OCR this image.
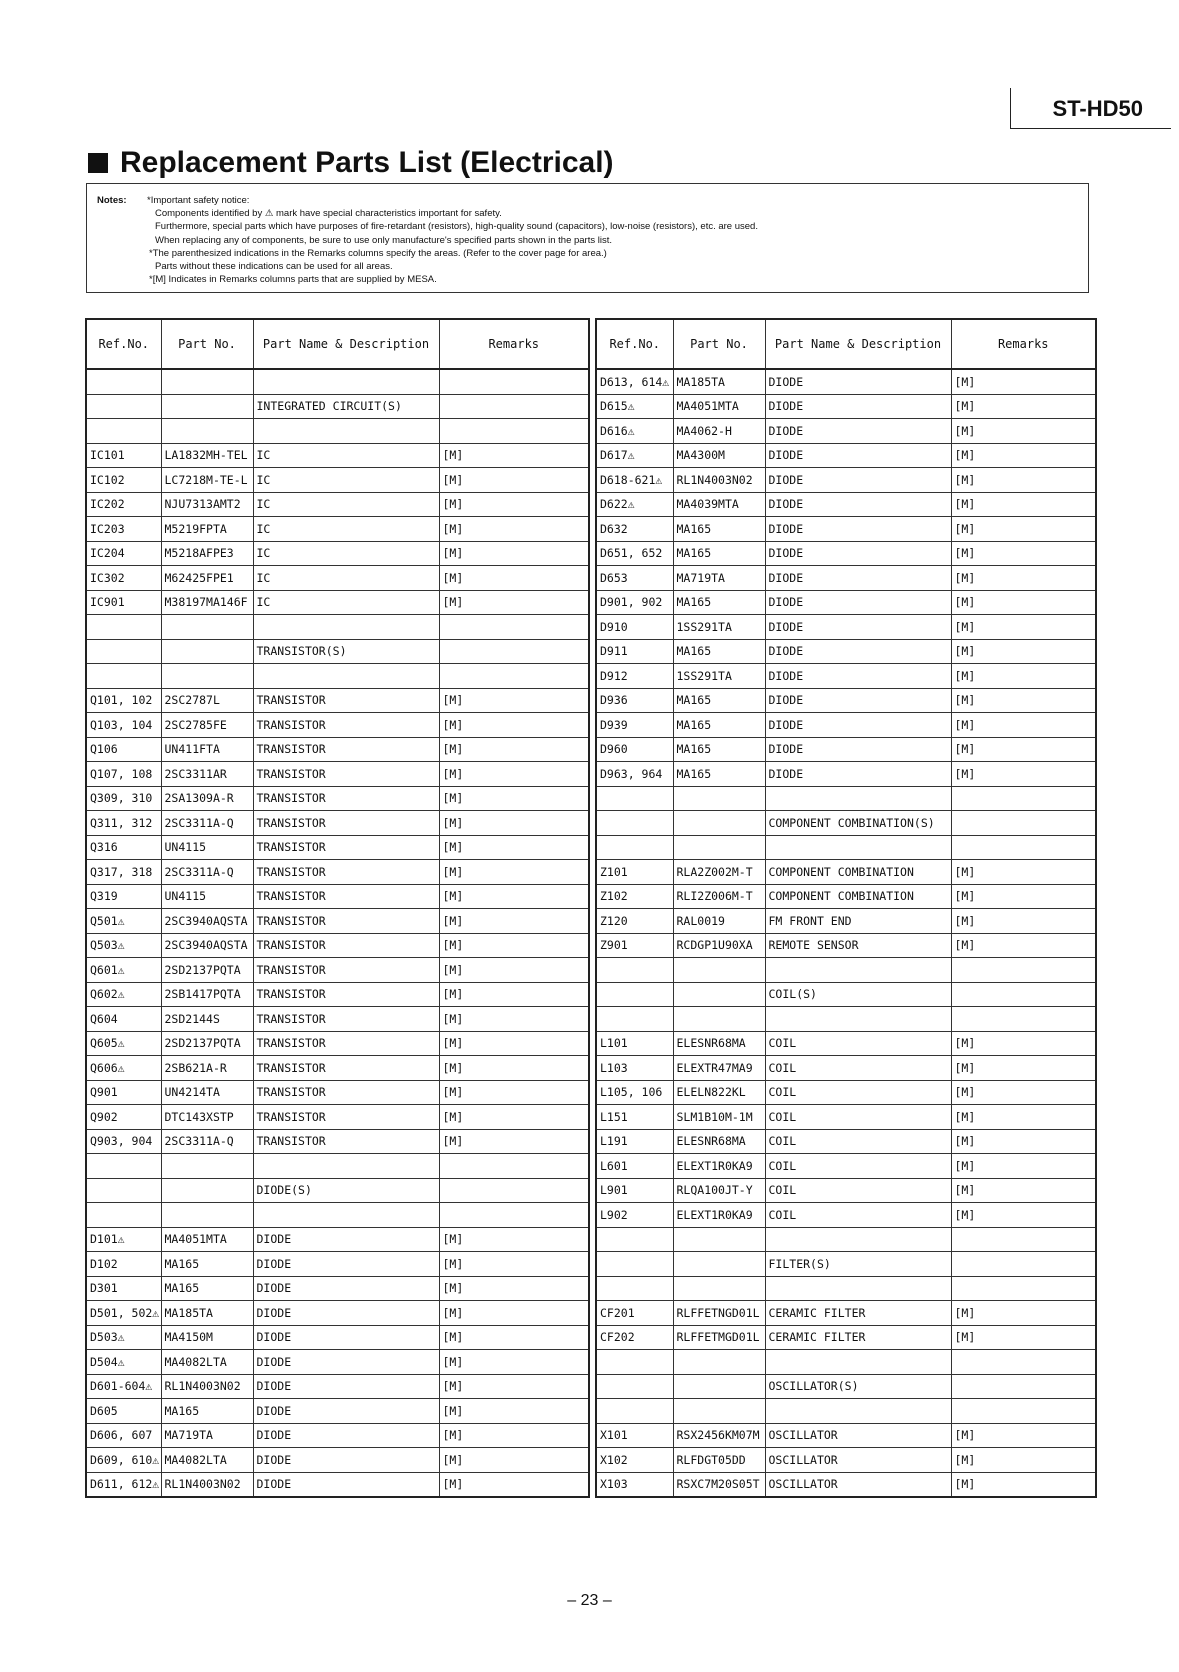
ST-HD50
Replacement Parts List (Electrical)
Notes: *Important safety notice:
Components identified by ⚠ mark have special characteristics important for safety.
Furthermore, special parts which have purposes of fire-retardant (resistors), high-quality sound (capacitors), low-noise (resistors), etc. are used.
When replacing any of components, be sure to use only manufacture's specified parts shown in the parts list.
*The parenthesized indications in the Remarks columns specify the areas. (Refer to the cover page for area.)
Parts without these indications can be used for all areas.
*[M] Indicates in Remarks columns parts that are supplied by MESA.
Ref.No.	Part No.	Part Name & Description	Remarks

		INTEGRATED CIRCUIT(S)	

IC101	LA1832MH-TEL	IC	[M]
IC102	LC7218M-TE-L	IC	[M]
IC202	NJU7313AMT2	IC	[M]
IC203	M5219FPTA	IC	[M]
IC204	M5218AFPE3	IC	[M]
IC302	M62425FPE1	IC	[M]
IC901	M38197MA146F	IC	[M]

		TRANSISTOR(S)	

Q101, 102	2SC2787L	TRANSISTOR	[M]
Q103, 104	2SC2785FE	TRANSISTOR	[M]
Q106	UN411FTA	TRANSISTOR	[M]
Q107, 108	2SC3311AR	TRANSISTOR	[M]
Q309, 310	2SA1309A-R	TRANSISTOR	[M]
Q311, 312	2SC3311A-Q	TRANSISTOR	[M]
Q316	UN4115	TRANSISTOR	[M]
Q317, 318	2SC3311A-Q	TRANSISTOR	[M]
Q319	UN4115	TRANSISTOR	[M]
Q501⚠	2SC3940AQSTA	TRANSISTOR	[M]
Q503⚠	2SC3940AQSTA	TRANSISTOR	[M]
Q601⚠	2SD2137PQTA	TRANSISTOR	[M]
Q602⚠	2SB1417PQTA	TRANSISTOR	[M]
Q604	2SD2144S	TRANSISTOR	[M]
Q605⚠	2SD2137PQTA	TRANSISTOR	[M]
Q606⚠	2SB621A-R	TRANSISTOR	[M]
Q901	UN4214TA	TRANSISTOR	[M]
Q902	DTC143XSTP	TRANSISTOR	[M]
Q903, 904	2SC3311A-Q	TRANSISTOR	[M]

		DIODE(S)	

D101⚠	MA4051MTA	DIODE	[M]
D102	MA165	DIODE	[M]
D301	MA165	DIODE	[M]
D501, 502⚠	MA185TA	DIODE	[M]
D503⚠	MA4150M	DIODE	[M]
D504⚠	MA4082LTA	DIODE	[M]
D601-604⚠	RL1N4003N02	DIODE	[M]
D605	MA165	DIODE	[M]
D606, 607	MA719TA	DIODE	[M]
D609, 610⚠	MA4082LTA	DIODE	[M]
D611, 612⚠	RL1N4003N02	DIODE	[M]
Ref.No.	Part No.	Part Name & Description	Remarks
D613, 614⚠	MA185TA	DIODE	[M]
D615⚠	MA4051MTA	DIODE	[M]
D616⚠	MA4062-H	DIODE	[M]
D617⚠	MA4300M	DIODE	[M]
D618-621⚠	RL1N4003N02	DIODE	[M]
D622⚠	MA4039MTA	DIODE	[M]
D632	MA165	DIODE	[M]
D651, 652	MA165	DIODE	[M]
D653	MA719TA	DIODE	[M]
D901, 902	MA165	DIODE	[M]
D910	1SS291TA	DIODE	[M]
D911	MA165	DIODE	[M]
D912	1SS291TA	DIODE	[M]
D936	MA165	DIODE	[M]
D939	MA165	DIODE	[M]
D960	MA165	DIODE	[M]
D963, 964	MA165	DIODE	[M]

		COMPONENT COMBINATION(S)	

Z101	RLA2Z002M-T	COMPONENT COMBINATION	[M]
Z102	RLI2Z006M-T	COMPONENT COMBINATION	[M]
Z120	RAL0019	FM FRONT END	[M]
Z901	RCDGP1U90XA	REMOTE SENSOR	[M]

		COIL(S)	

L101	ELESNR68MA	COIL	[M]
L103	ELEXTR47MA9	COIL	[M]
L105, 106	ELELN822KL	COIL	[M]
L151	SLM1B10M-1M	COIL	[M]
L191	ELESNR68MA	COIL	[M]
L601	ELEXT1R0KA9	COIL	[M]
L901	RLQA100JT-Y	COIL	[M]
L902	ELEXT1R0KA9	COIL	[M]

		FILTER(S)	

CF201	RLFFETNGD01L	CERAMIC FILTER	[M]
CF202	RLFFETMGD01L	CERAMIC FILTER	[M]

		OSCILLATOR(S)	

X101	RSX2456KM07M	OSCILLATOR	[M]
X102	RLFDGT05DD	OSCILLATOR	[M]
X103	RSXC7M20S05T	OSCILLATOR	[M]
– 23 –
